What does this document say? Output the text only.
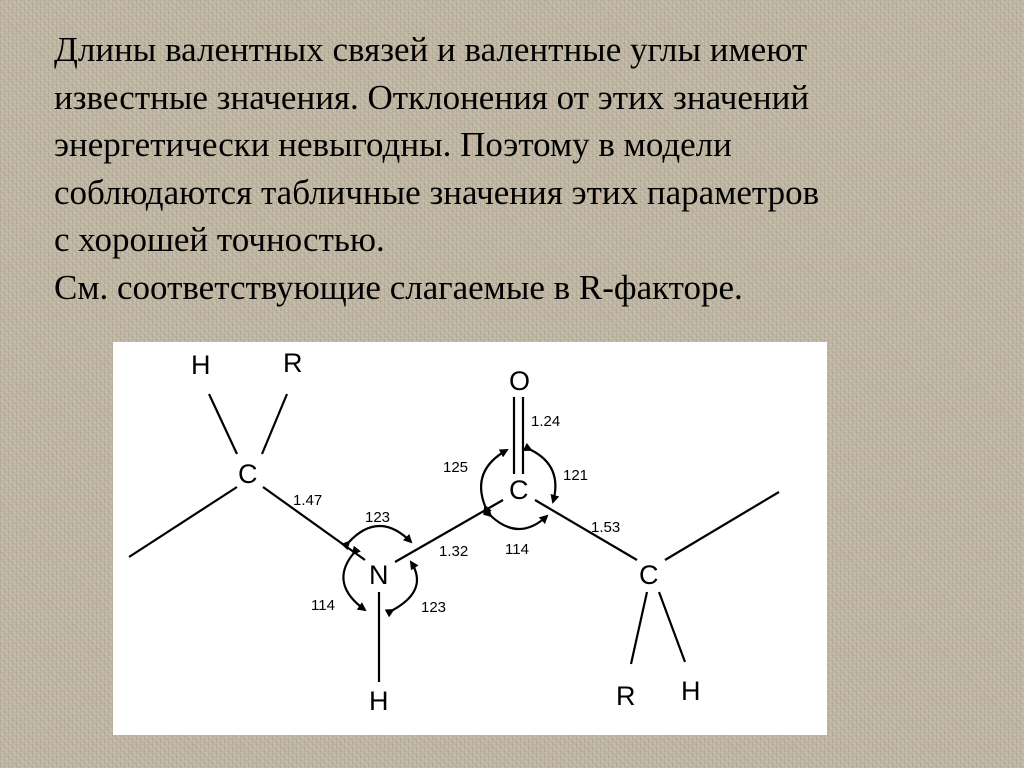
Длины валентных связей и валентные углы имеют
известные значения. Отклонения от этих значений
энергетически невыгодны. Поэтому в модели
соблюдаются табличные значения этих параметров
с хорошей точностью.
См. соответствующие слагаемые в R-факторе.
H	R
C
N
H
C
O
C
R H
1.47
1.32
1.24
1.53
123
114	123
125	121
114
